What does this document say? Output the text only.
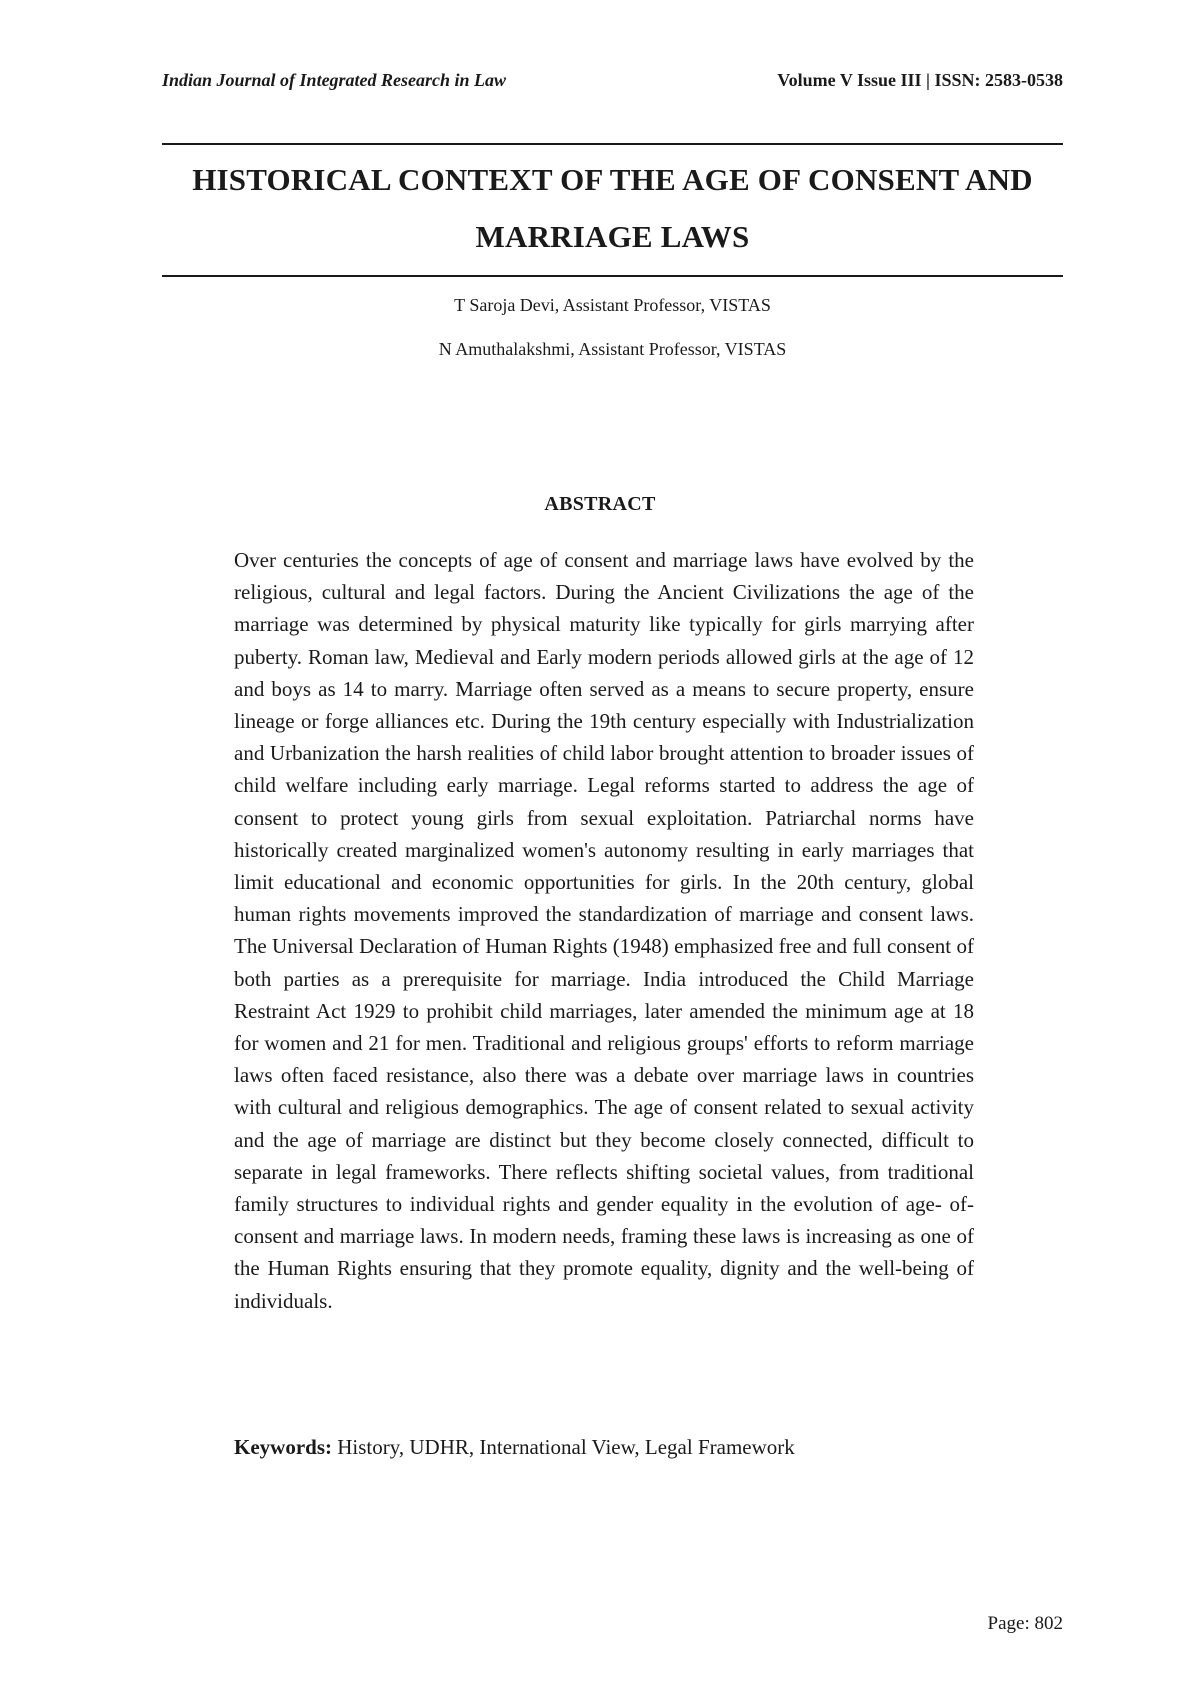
Indian Journal of Integrated Research in Law	Volume V Issue III | ISSN: 2583-0538
HISTORICAL CONTEXT OF THE AGE OF CONSENT AND MARRIAGE LAWS
T Saroja Devi, Assistant Professor, VISTAS
N Amuthalakshmi, Assistant Professor, VISTAS
ABSTRACT

Over centuries the concepts of age of consent and marriage laws have evolved by the religious, cultural and legal factors. During the Ancient Civilizations the age of the marriage was determined by physical maturity like typically for girls marrying after puberty. Roman law, Medieval and Early modern periods allowed girls at the age of 12 and boys as 14 to marry. Marriage often served as a means to secure property, ensure lineage or forge alliances etc. During the 19th century especially with Industrialization and Urbanization the harsh realities of child labor brought attention to broader issues of child welfare including early marriage. Legal reforms started to address the age of consent to protect young girls from sexual exploitation. Patriarchal norms have historically created marginalized women's autonomy resulting in early marriages that limit educational and economic opportunities for girls. In the 20th century, global human rights movements improved the standardization of marriage and consent laws. The Universal Declaration of Human Rights (1948) emphasized free and full consent of both parties as a prerequisite for marriage. India introduced the Child Marriage Restraint Act 1929 to prohibit child marriages, later amended the minimum age at 18 for women and 21 for men. Traditional and religious groups' efforts to reform marriage laws often faced resistance, also there was a debate over marriage laws in countries with cultural and religious demographics. The age of consent related to sexual activity and the age of marriage are distinct but they become closely connected, difficult to separate in legal frameworks. There reflects shifting societal values, from traditional family structures to individual rights and gender equality in the evolution of age- of- consent and marriage laws. In modern needs, framing these laws is increasing as one of the Human Rights ensuring that they promote equality, dignity and the well-being of individuals.

Keywords: History, UDHR, International View, Legal Framework
Page: 802
